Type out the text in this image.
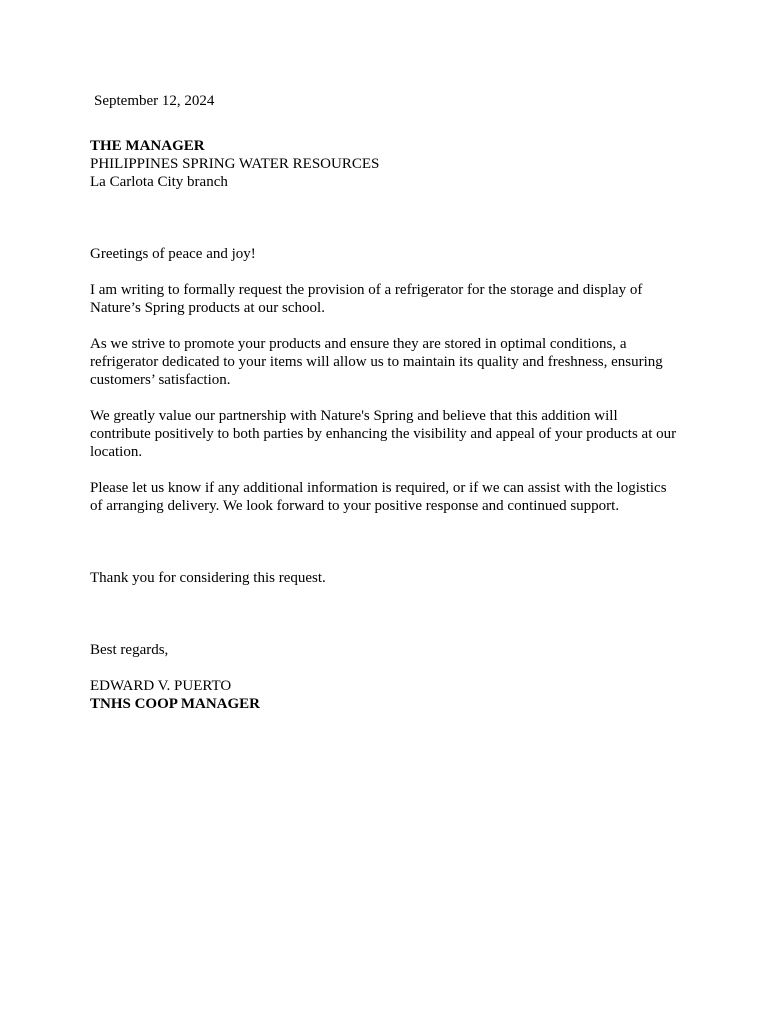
September 12, 2024

THE MANAGER

PHILIPPINES SPRING WATER RESOURCES

La Carlota City branch

Greetings of peace and joy!

I am writing to formally request the provision of a refrigerator for the storage and display of Nature’s Spring products at our school.

As we strive to promote your products and ensure they are stored in optimal conditions, a refrigerator dedicated to your items will allow us to maintain its quality and freshness, ensuring customers’ satisfaction.

We greatly value our partnership with Nature's Spring and believe that this addition will contribute positively to both parties by enhancing the visibility and appeal of your products at our location.

Please let us know if any additional information is required, or if we can assist with the logistics of arranging delivery. We look forward to your positive response and continued support.

Thank you for considering this request.

Best regards,

EDWARD V. PUERTO

TNHS COOP MANAGER
